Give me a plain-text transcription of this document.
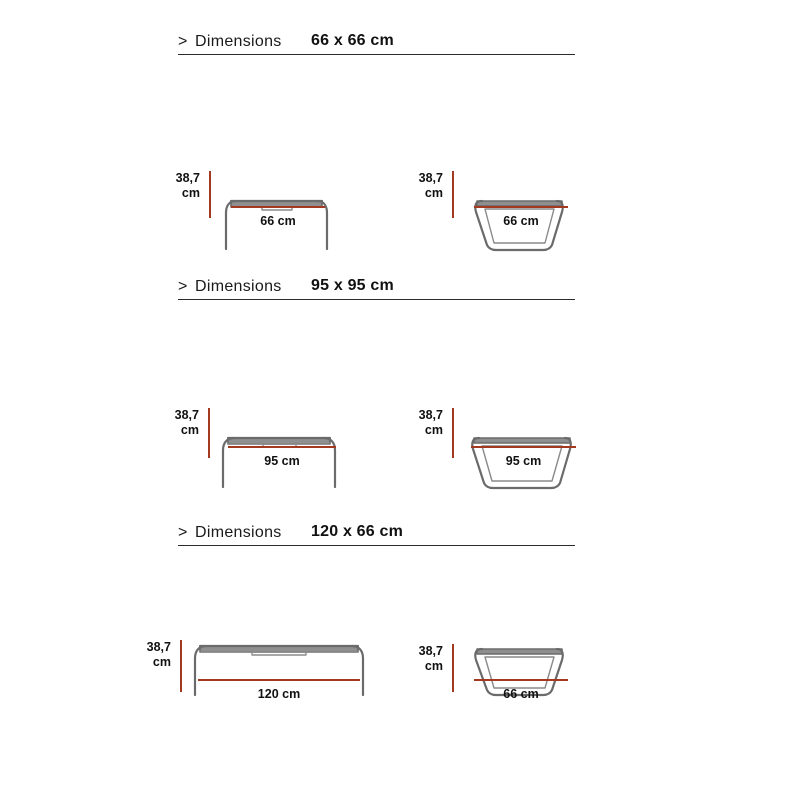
> Dimensions 66 x 66 cm
38,7
cm
66 cm
38,7
cm
66 cm
> Dimensions 95 x 95 cm
38,7
cm
95 cm
38,7
cm
95 cm
> Dimensions 120 x 66 cm
38,7
cm
120 cm
38,7
cm
66 cm
